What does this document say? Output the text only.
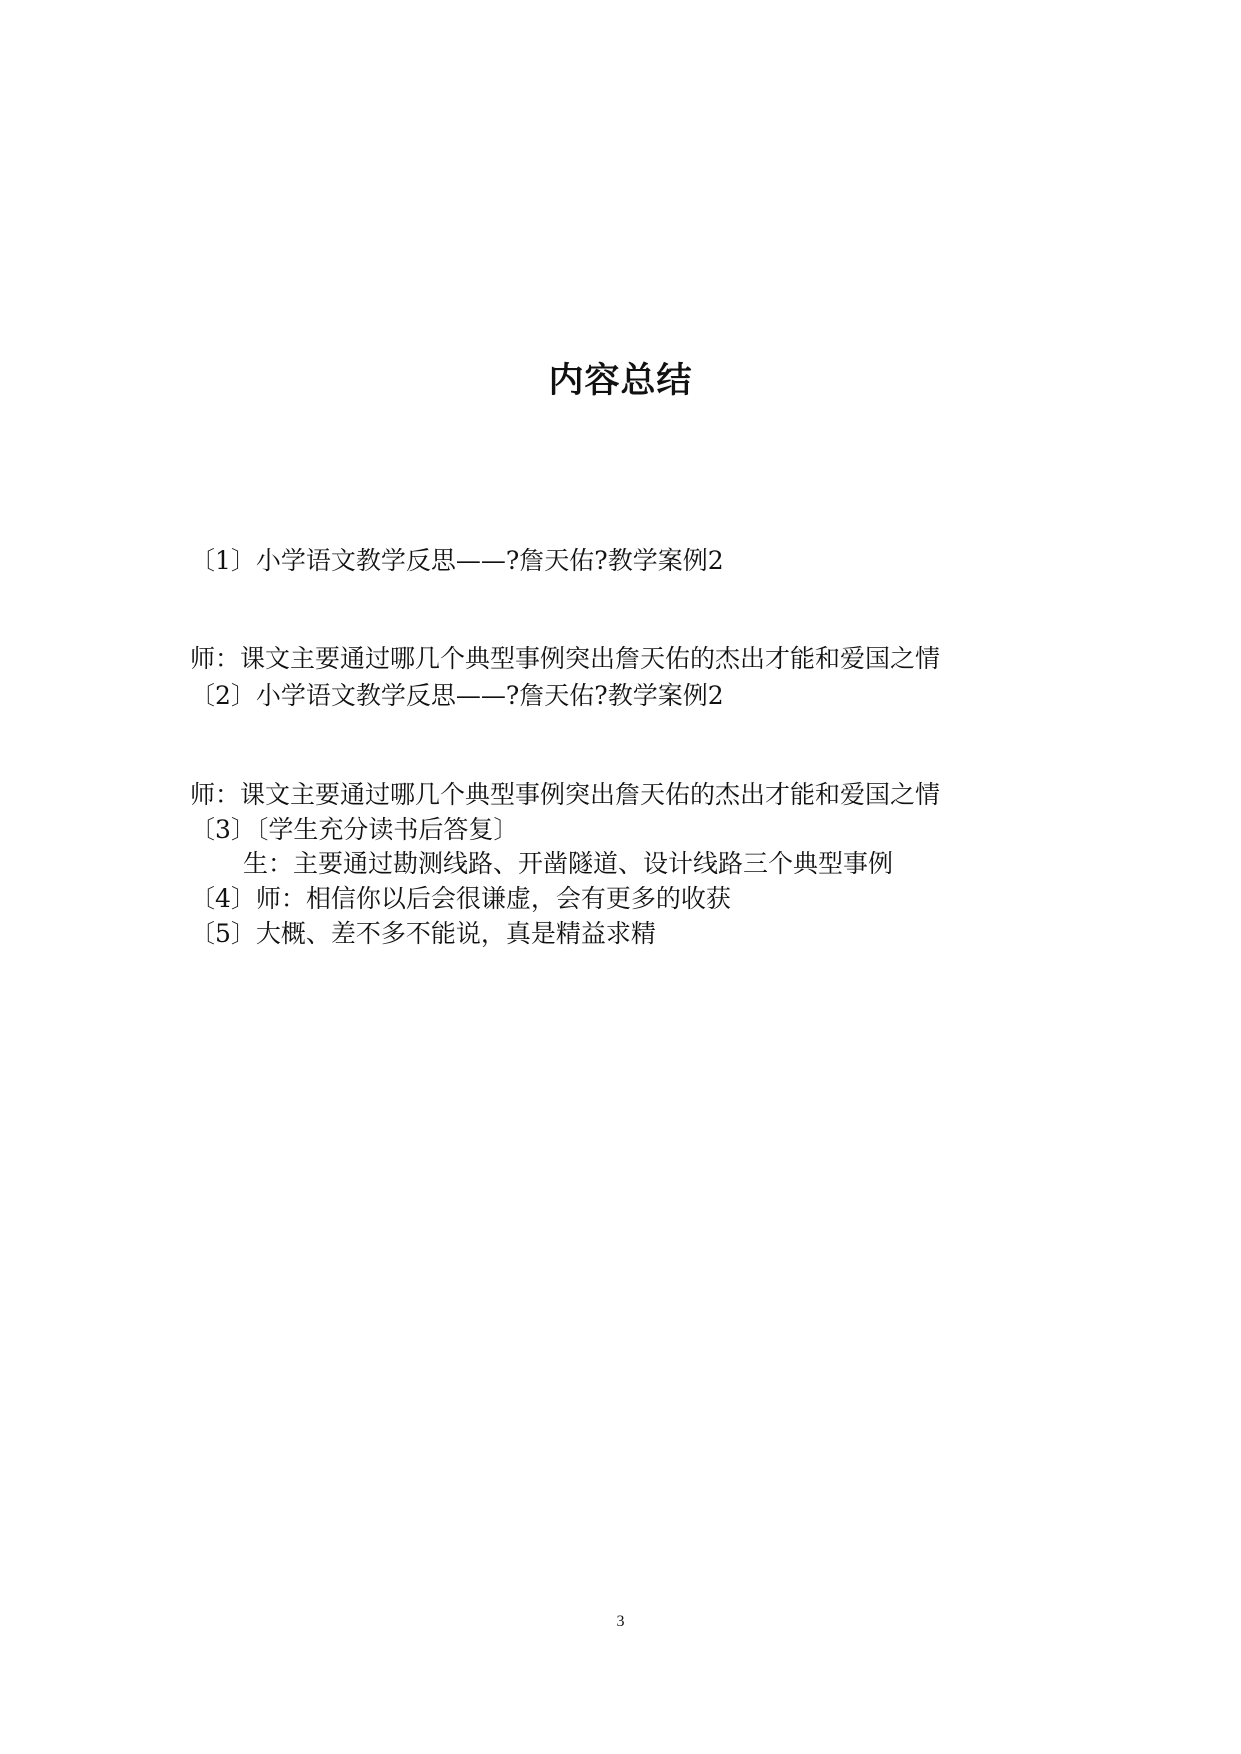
内容总结
〔1〕小学语文教学反思——?詹天佑?教学案例2
师：课文主要通过哪几个典型事例突出詹天佑的杰出才能和爱国之情
〔2〕小学语文教学反思——?詹天佑?教学案例2
师：课文主要通过哪几个典型事例突出詹天佑的杰出才能和爱国之情
〔3〕〔学生充分读书后答复〕
生：主要通过勘测线路、开凿隧道、设计线路三个典型事例
〔4〕师：相信你以后会很谦虚，会有更多的收获
〔5〕大概、差不多不能说，真是精益求精
3
